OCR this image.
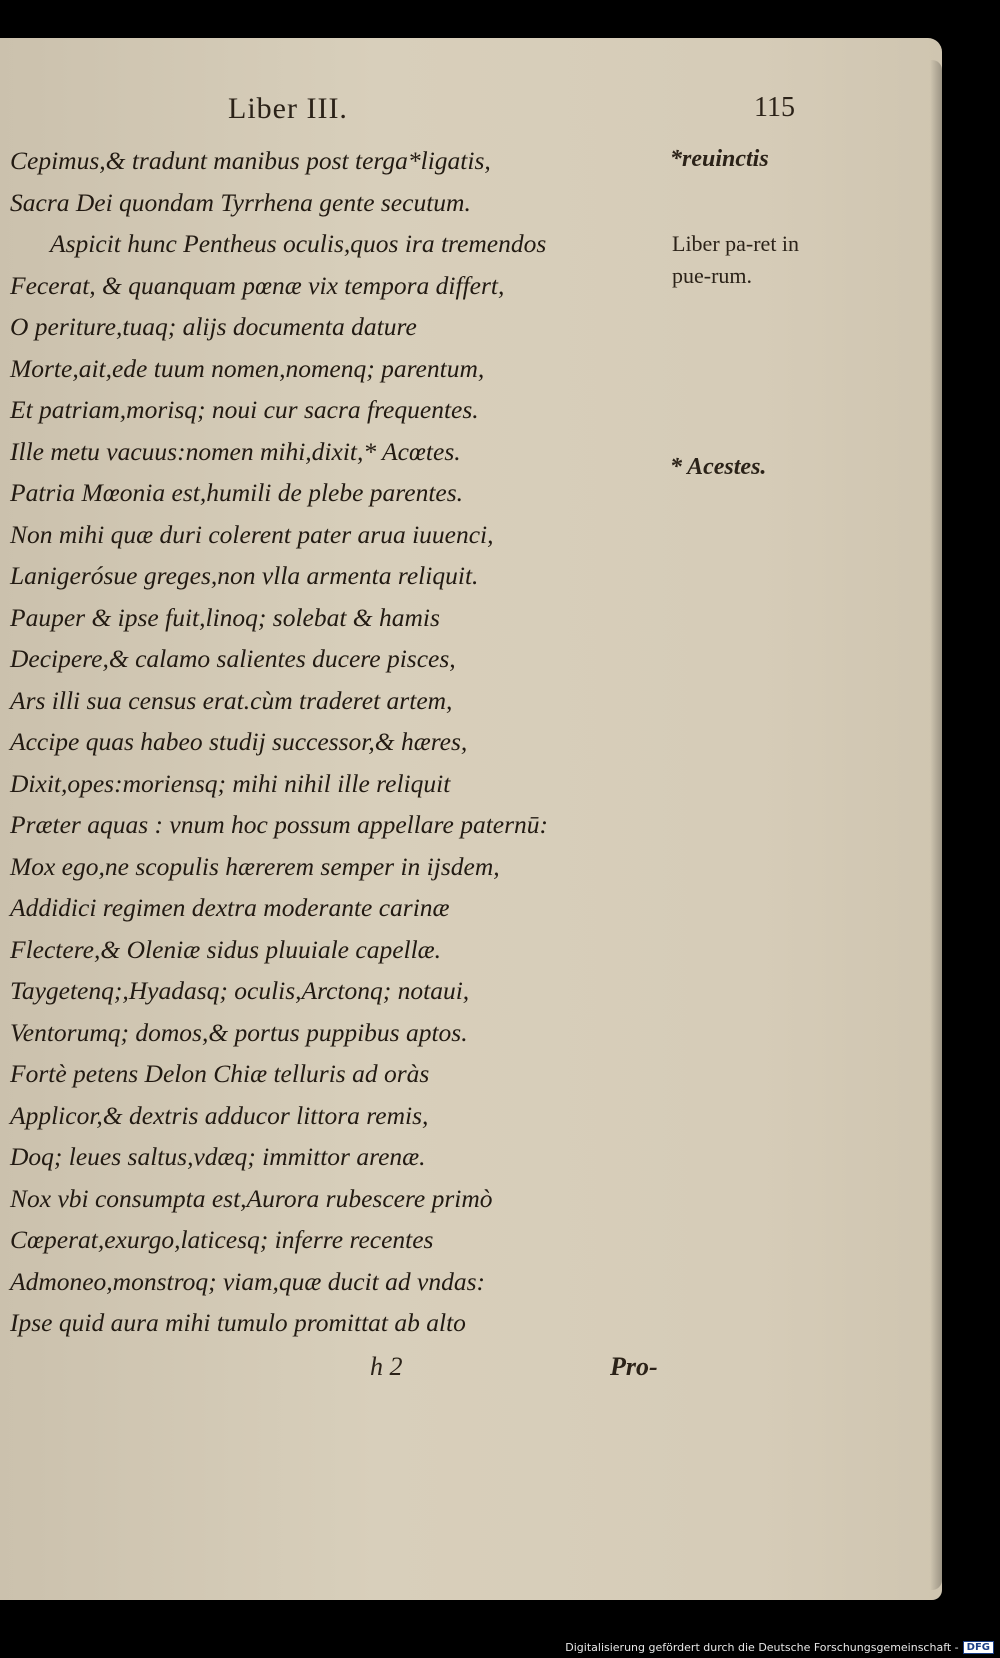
Liber III.	115
Cepimus,& tradunt manibus post terga*ligatis,
Sacra Dei quondam Tyrrhena gente secutum.
Aspicit hunc Pentheus oculis,quos ira tremendos
Fecerat, & quanquam pœnæ vix tempora differt,
O periture,tuaq; alijs documenta dature
Morte,ait,ede tuum nomen,nomenq; parentum,
Et patriam,morisq; noui cur sacra frequentes.
Ille metu vacuus:nomen mihi,dixit,* Acœtes.
Patria Mœonia est,humili de plebe parentes.
Non mihi quæ duri colerent pater arua iuuenci,
Lanigerósue greges,non vlla armenta reliquit.
Pauper & ipse fuit,linoq; solebat & hamis
Decipere,& calamo salientes ducere pisces,
Ars illi sua census erat.cùm traderet artem,
Accipe quas habeo studij successor,& hæres,
Dixit,opes:moriensq; mihi nihil ille reliquit
Præter aquas : vnum hoc possum appellare paternū:
Mox ego,ne scopulis hærerem semper in ijsdem,
Addidici regimen dextra moderante carinæ
Flectere,& Oleniæ sidus pluuiale capellæ.
Taygetenq;,Hyadasq; oculis,Arctonq; notaui,
Ventorumq; domos,& portus puppibus aptos.
Fortè petens Delon Chiæ telluris ad oràs
Applicor,& dextris adducor littora remis,
Doq; leues saltus,vdæq; immittor arenæ.
Nox vbi consumpta est,Aurora rubescere primò
Cœperat,exurgo,laticesq; inferre recentes
Admoneo,monstroq; viam,quæ ducit ad vndas:
Ipse quid aura mihi tumulo promittat ab alto
*reuinctis
Liber pa-ret in pue-rum.
* Acestes.
h 2	Pro-
Digitalisierung gefördert durch die Deutsche Forschungsgemeinschaft - DFG
